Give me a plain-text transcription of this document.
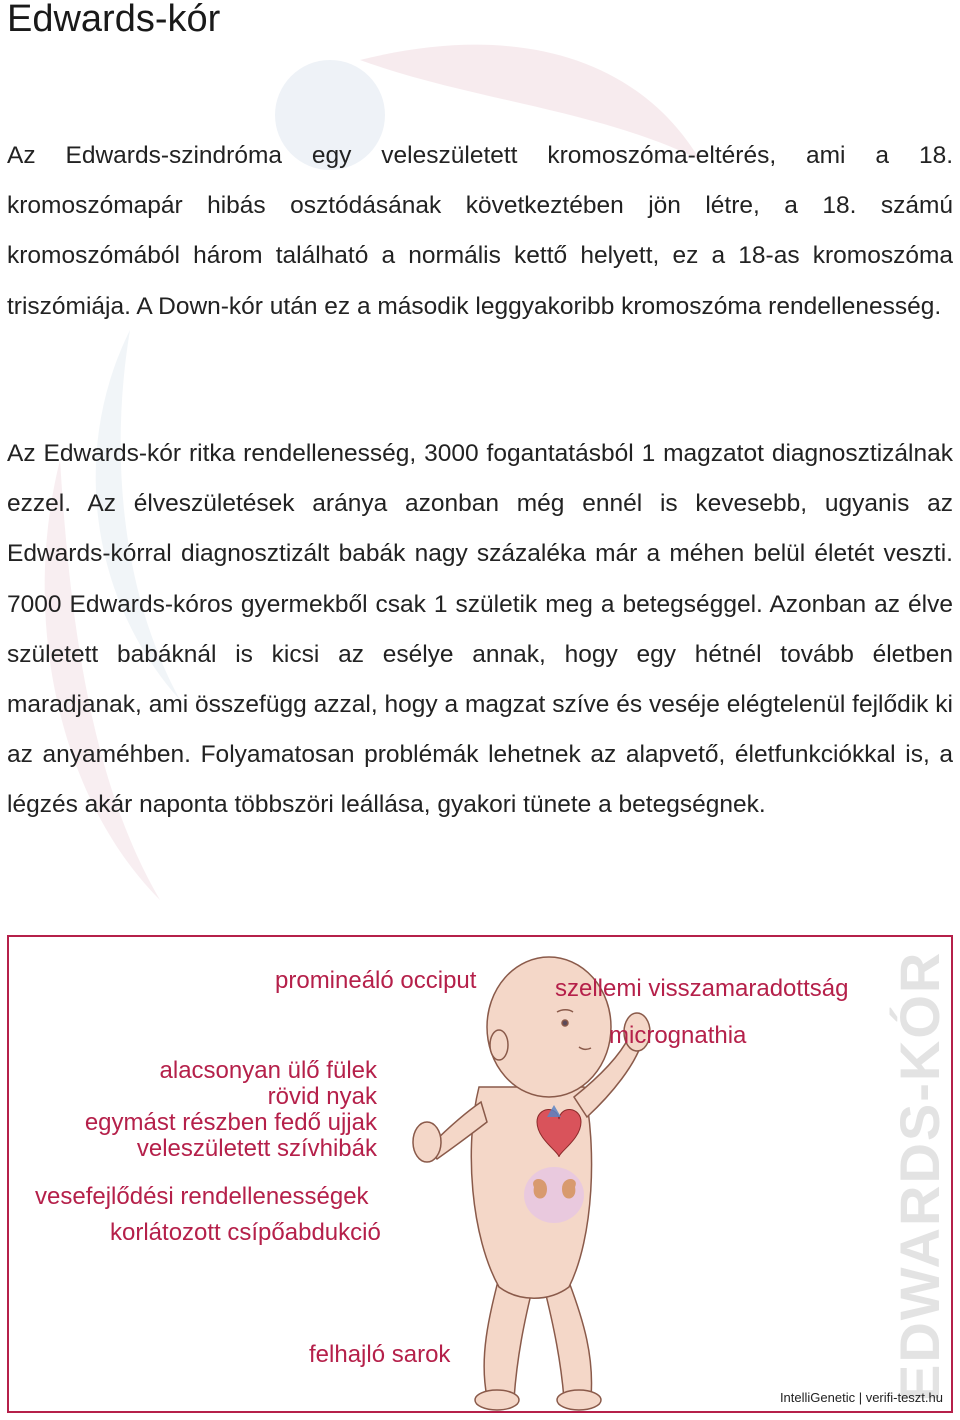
Edwards-kór

Az Edwards-szindróma egy veleszületett kromoszóma-eltérés, ami a 18. kromoszómapár hibás osztódásának következtében jön létre, a 18. számú kromoszómából három található a normális kettő helyett, ez a 18-as kromoszóma triszómiája. A Down-kór után ez a második leggyakoribb kromoszóma rendellenesség.

Az Edwards-kór ritka rendellenesség, 3000 fogantatásból 1 magzatot diagnosztizálnak ezzel. Az élveszületések aránya azonban még ennél is kevesebb, ugyanis az Edwards-kórral diagnosztizált babák nagy százaléka már a méhen belül életét veszti. 7000 Edwards-kóros gyermekből csak 1 születik meg a betegséggel. Azonban az élve született babáknál is kicsi az esélye annak, hogy egy hétnél tovább életben maradjanak, ami összefügg azzal, hogy a magzat szíve és veséje elégtelenül fejlődik ki az anyaméhben. Folyamatosan problémák lehetnek az alapvető, életfunkciókkal is, a légzés akár naponta többszöri leállása, gyakori tünete a betegségnek.

promineáló occiput	szellemi visszamaradottság
micrognathia
alacsonyan ülő fülek
rövid nyak
egymást részben fedő ujjak
veleszületett szívhibák
vesefejlődési rendellenességek
korlátozott csípőabdukció
felhajló sarok	EDWARDS-KÓR
IntelliGenetic | verifi-teszt.hu
